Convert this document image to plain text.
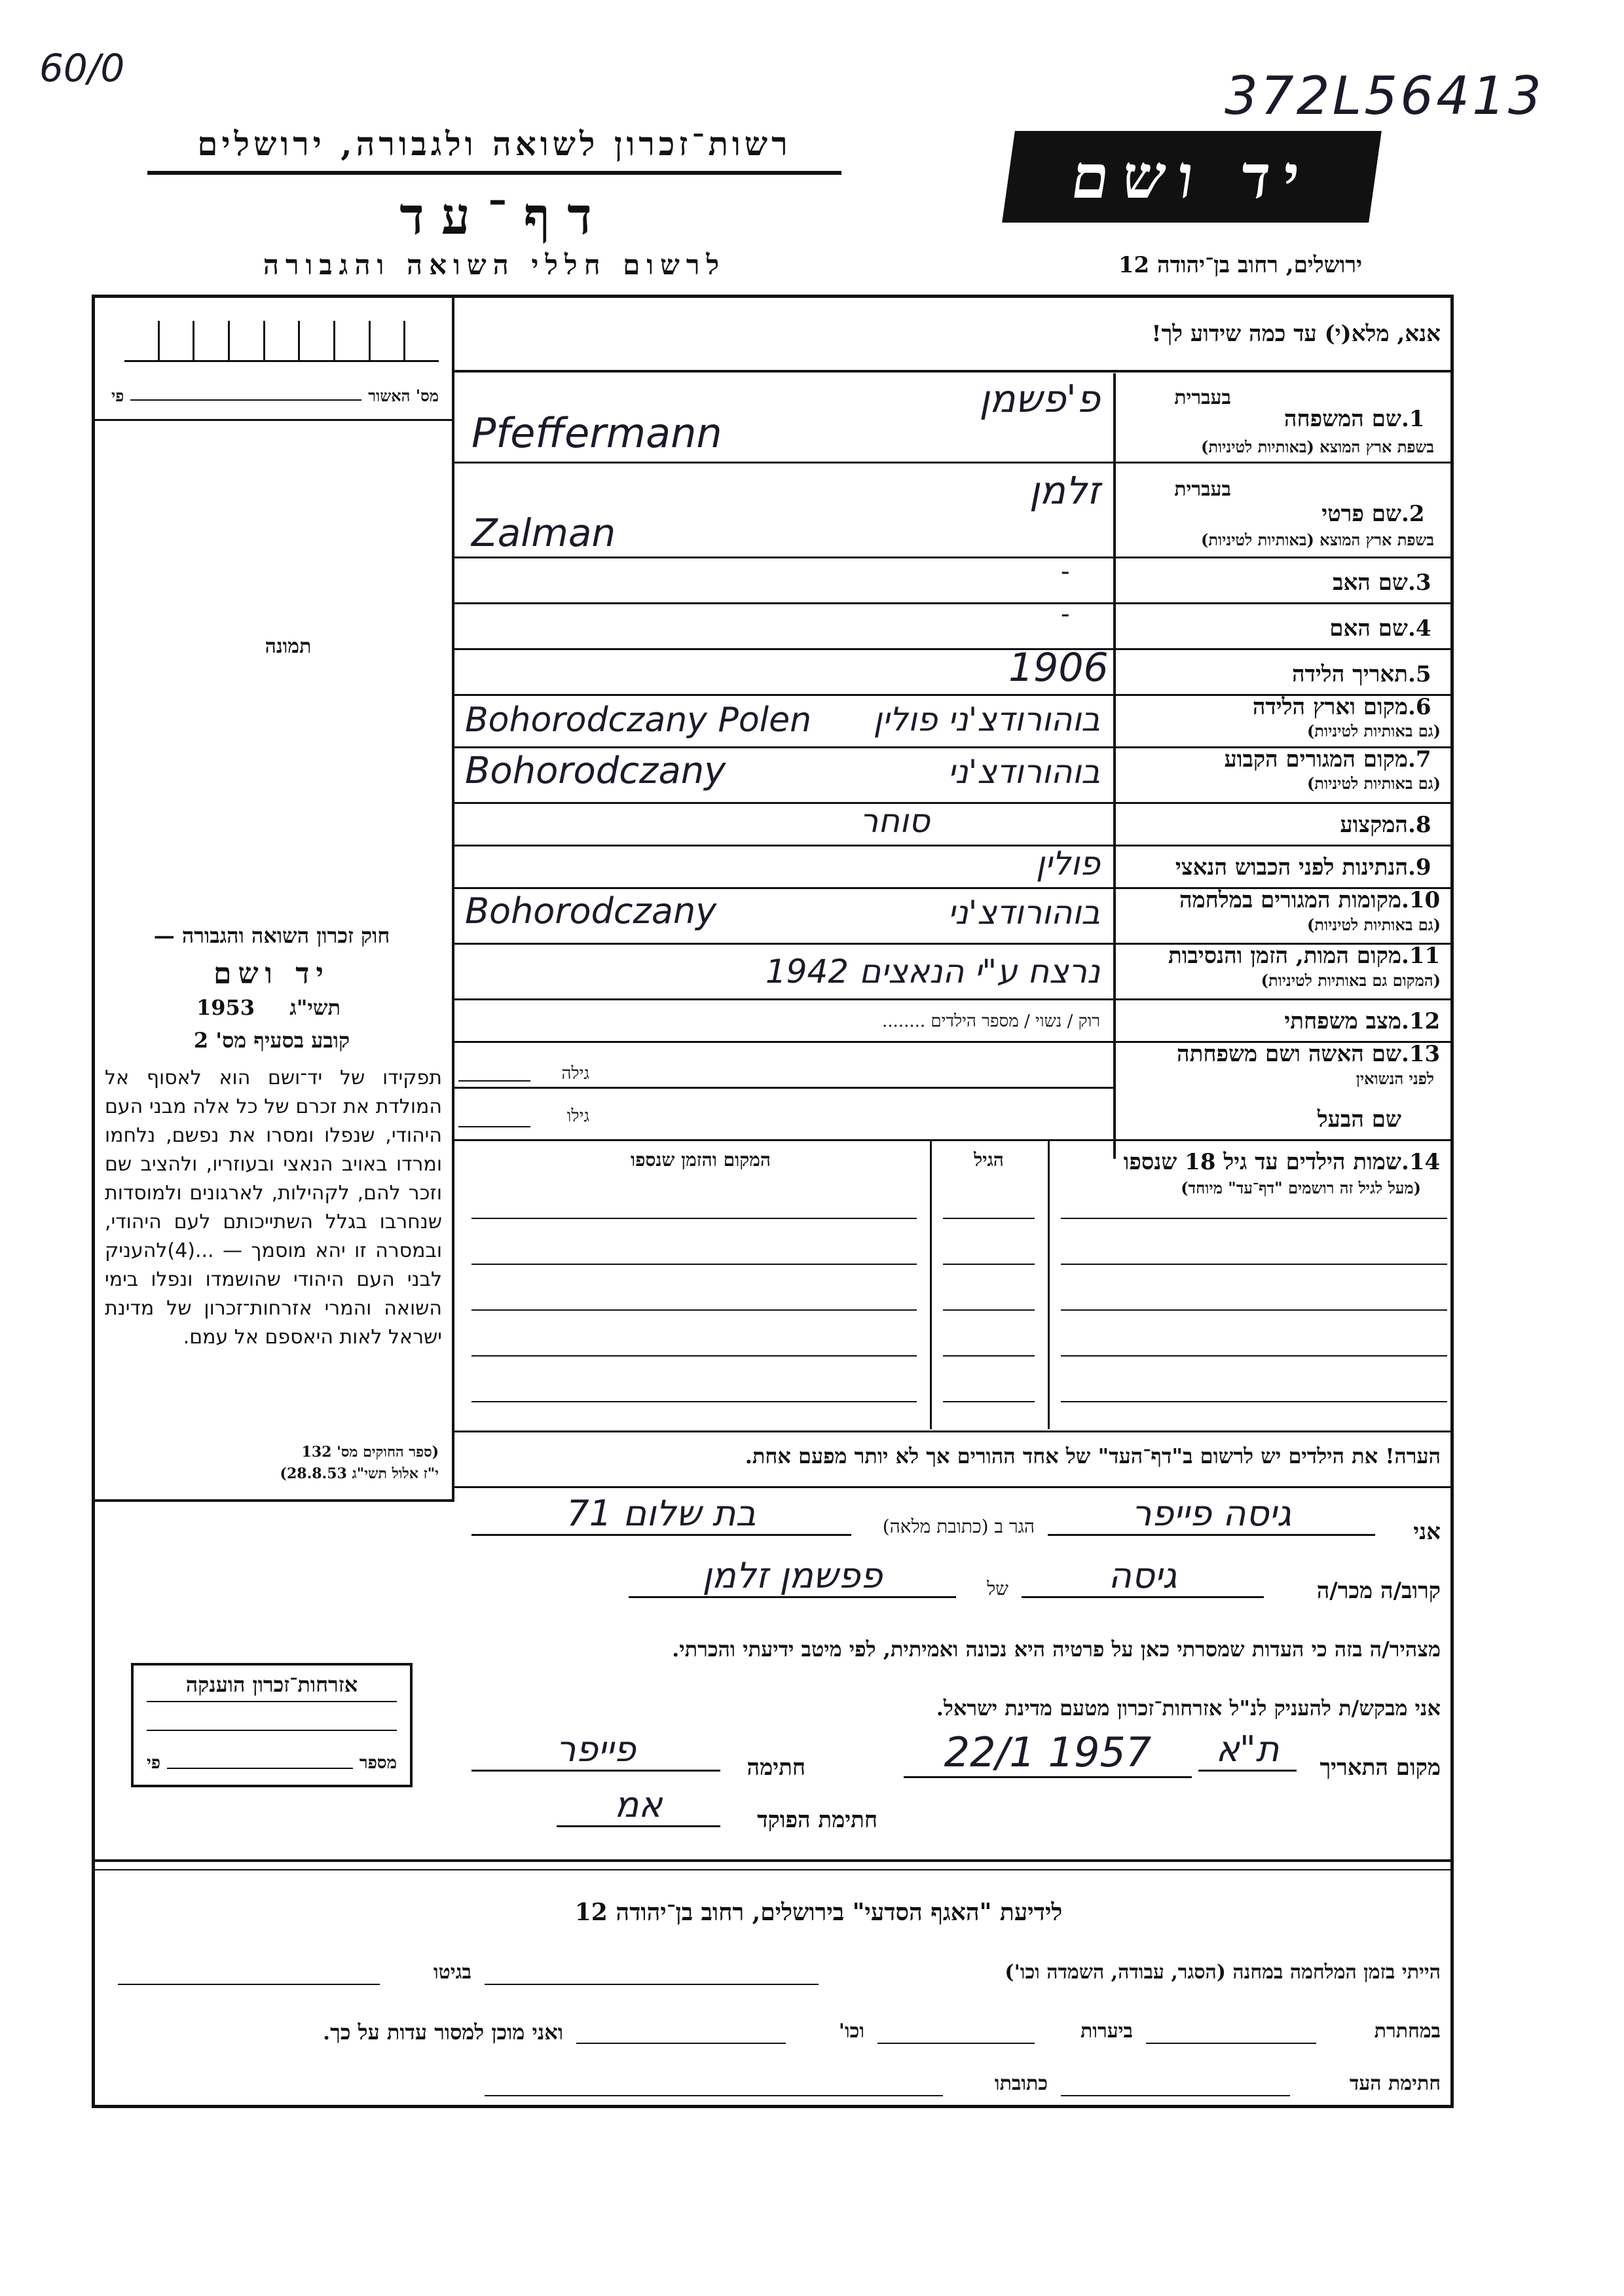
60/0	372L56413
רשות־זכרון לשואה ולגבורה, ירושלים
דף־עד
לרשום חללי השואה והגבורה
יד ושם
ירושלים, רחוב בן־יהודה 12
אנא, מלא(י) עד כמה שידוע לך!
מס' האשור
פי
תמונה
1.
שם המשפחה
בשפת ארץ המוצא (באותיות לטיניות)
בעברית
פ'פשמן
Pfeffermann
2.
שם פרטי
בשפת ארץ המוצא (באותיות לטיניות)
בעברית
זלמן
Zalman
3.
שם האב
-
4.
שם האם
-
5.
תאריך הלידה
1906
6.
מקום וארץ הלידה
(גם באותיות לטיניות)
בוהורודצ'ני פולין
Bohorodczany Polen
7.
מקום המגורים הקבוע
(גם באותיות לטיניות)
בוהורודצ'ני
Bohorodczany
8.
המקצוע
סוחר
9.
הנתינות לפני הכבוש הנאצי
פולין
10.
מקומות המגורים במלחמה
(גם באותיות לטיניות)
בוהורודצ'ני
Bohorodczany
11.
מקום המות, הזמן והנסיבות
(המקום גם באותיות לטיניות)
נרצח ע"י הנאצים 1942
12.
מצב משפחתי
רוק / נשוי / מספר הילדים ........
13.
שם האשה ושם משפחתה
לפני הנשואין
גילה
שם הבעל
גילו
14.
שמות הילדים עד גיל 18 שנספו
(מעל לגיל זה רושמים "דף־עד" מיוחד)
הגיל
המקום והזמן שנספו
הערה! את הילדים יש לרשום ב"דף־העד" של אחד ההורים אך לא יותר מפעם אחת.
חוק זכרון השואה והגבורה —
יד ושם
תשי"ג
1953
קובע בסעיף מס' 2
תפקידו של יד־ושם הוא לאסוף אל המולדת את זכרם של כל אלה מבני העם היהודי, שנפלו ומסרו את נפשם, נלחמו ומרדו באויב הנאצי ובעוזריו, ולהציב שם וזכר להם, לקהילות, לארגונים ולמוסדות שנחרבו בגלל השתייכותם לעם היהודי, ובמסרה זו יהא מוסמך — ...(4)להעניק לבני העם היהודי שהושמדו ונפלו בימי השואה והמרי אזרחות־זכרון של מדינת ישראל לאות היאספם אל עמם.
(ספר החוקים מס' 132
י"ז אלול תשי"ג 28.8.53)
אני
גיסה פייפר
הגר ב (כתובת מלאה)
בת שלום 71
קרוב/ה מכר/ה
גיסה
של
פפשמן זלמן
מצהיר/ה בזה כי העדות שמסרתי כאן על פרטיה היא נכונה ואמיתית, לפי מיטב ידיעתי והכרתי.
אני מבקש/ת להעניק לנ"ל אזרחות־זכרון מטעם מדינת ישראל.
מקום התאריך
ת"א
22/1 1957
חתימה
פייפר
חתימת הפוקד
אמ
אזרחות־זכרון הוענקה
מספר
פי
לידיעת "האגף הסדעי" בירושלים, רחוב בן־יהודה 12
הייתי בזמן המלחמה במחנה (הסגר, עבודה, השמדה וכו')
בגיטו
במחתרת
ביערות
וכו'
ואני מוכן למסור עדות על כך.
חתימת העד
כתובתו
